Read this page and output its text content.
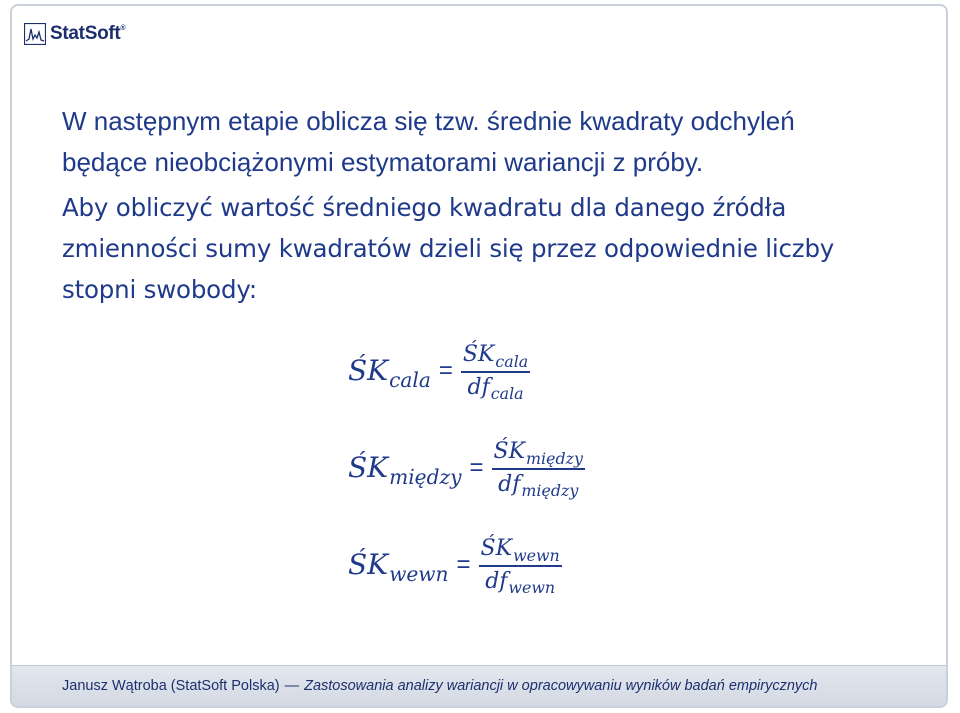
StatSoft®
W następnym etapie oblicza się tzw. średnie kwadraty odchyleń
będące nieobciążonymi estymatorami wariancji z próby.
Aby obliczyć wartość średniego kwadratu dla danego źródła
zmienności sumy kwadratów dzieli się przez odpowiednie liczby
stopni swobody:
$ŚK_{cala} = \frac{ŚK_{cala}}{df_{cala}}$
$ŚK_{między} = \frac{ŚK_{między}}{df_{między}}$
$ŚK_{wewn} = \frac{ŚK_{wewn}}{df_{wewn}}$
Janusz Wątroba (StatSoft Polska) — Zastosowania analizy wariancji w opracowywaniu wyników badań empirycznych
